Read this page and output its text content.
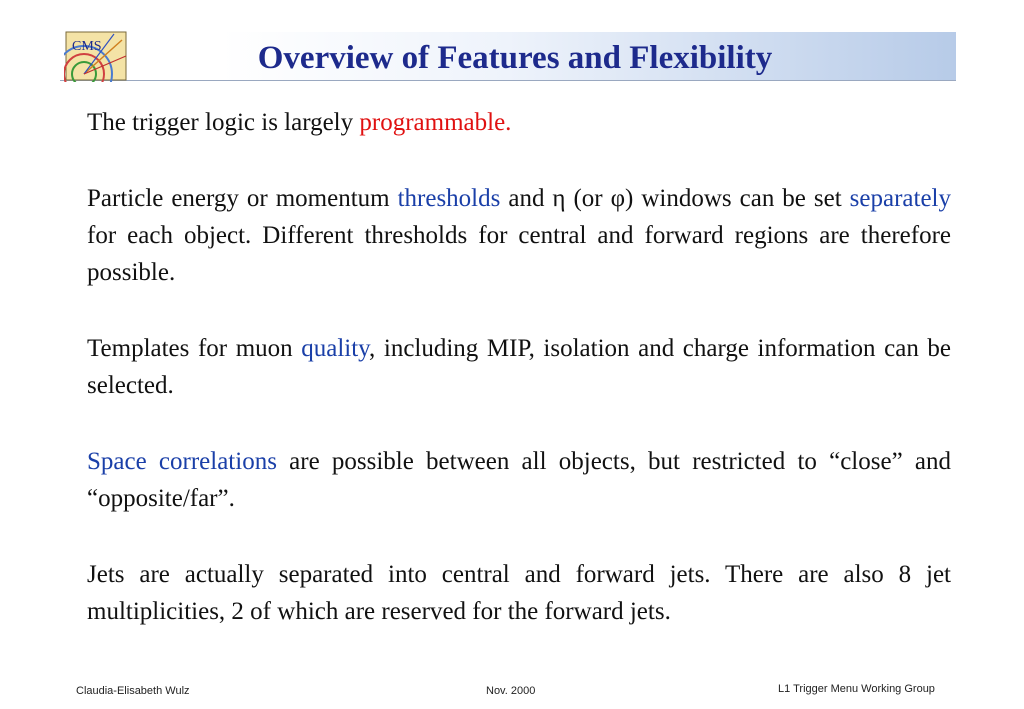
CMS	Overview of Features and Flexibility

The trigger logic is largely programmable.

Particle energy or momentum thresholds and η (or φ) windows can be set separately for each object. Different thresholds for central and forward regions are therefore possible.

Templates for muon quality, including MIP, isolation and charge information can be selected.

Space correlations are possible between all objects, but restricted to “close” and “opposite/far”.

Jets are actually separated into central and forward jets. There are also 8 jet multiplicities, 2 of which are reserved for the forward jets.

Claudia-Elisabeth Wulz	Nov. 2000	L1 Trigger Menu Working Group
